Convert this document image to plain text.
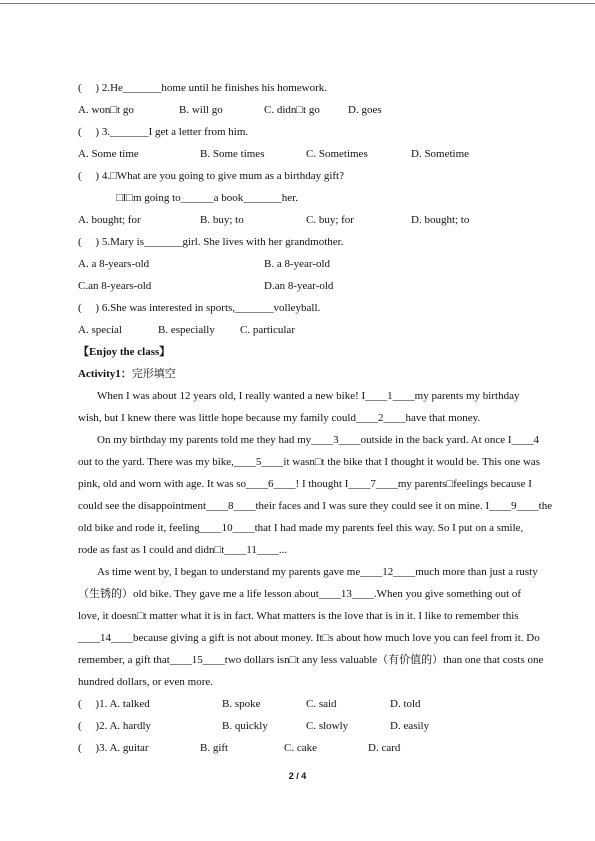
(　 ) 2.He_______home until he finishes his homework.
A. won□t go	B. will go	C. didn□t go	D. goes
(　 ) 3._______I get a letter from him.
A. Some time	B. Some times	C. Sometimes	D. Sometime
(　 ) 4.□What are you going to give mum as a birthday gift?
□I□m going to______a book_______her.
A. bought; for	B. buy; to	C. buy; for	D. bought; to
(　 ) 5.Mary is_______girl. She lives with her grandmother.
A. a 8-years-old	B. a 8-year-old
C.an 8-years-old	D.an 8-year-old
(　 ) 6.She was interested in sports,_______volleyball.
A. special	B. especially C. particular
【Enjoy the class】
Activity1：完形填空
When I was about 12 years old, I really wanted a new bike! I____1____my parents my birthday
wish, but I knew there was little hope because my family could____2____have that money.
On my birthday my parents told me they had my____3____outside in the back yard. At once I____4
out to the yard. There was my bike,____5____it wasn□t the bike that I thought it would be. This one was
pink, old and worn with age. It was so____6____! I thought I____7____my parents□feelings because I
could see the disappointment____8____their faces and I was sure they could see it on mine. I____9____the
old bike and rode it, feeling____10____that I had made my parents feel this way. So I put on a smile,
rode as fast as I could and didn□t____11____...
As time went by, I began to understand my parents gave me____12____much more than just a rusty
（生锈的）old bike. They gave me a life lesson about____13____.When you give something out of
love, it doesn□t matter what it is in fact. What matters is the love that is in it. I like to remember this
____14____because giving a gift is not about money. It□s about how much love you can feel from it. Do
remember, a gift that____15____two dollars isn□t any less valuable（有价值的）than one that costs one
hundred dollars, or even more.
(　 )1. A. talked	B. spoke	C. said	D. told
(　 )2. A. hardly	B. quickly	C. slowly	D. easily
(　 )3. A. guitar	B. gift	C. cake	D. card
2 / 4
